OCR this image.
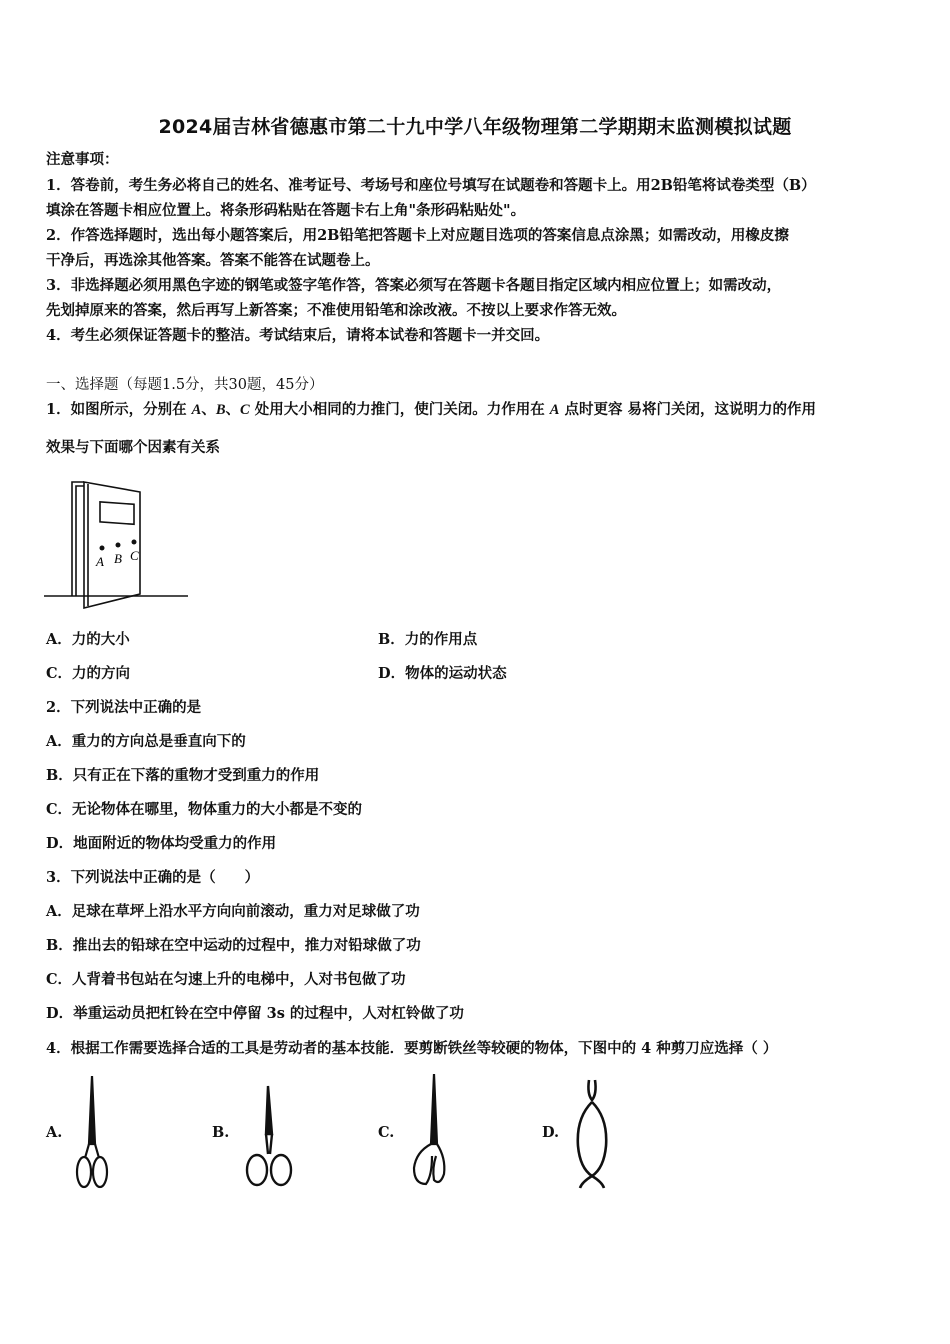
2024届吉林省德惠市第二十九中学八年级物理第二学期期末监测模拟试题
注意事项：
1．答卷前，考生务必将自己的姓名、准考证号、考场号和座位号填写在试题卷和答题卡上。用2B铅笔将试卷类型（B）
填涂在答题卡相应位置上。将条形码粘贴在答题卡右上角"条形码粘贴处"。
2．作答选择题时，选出每小题答案后，用2B铅笔把答题卡上对应题目选项的答案信息点涂黑；如需改动，用橡皮擦
干净后，再选涂其他答案。答案不能答在试题卷上。
3．非选择题必须用黑色字迹的钢笔或签字笔作答，答案必须写在答题卡各题目指定区域内相应位置上；如需改动，
先划掉原来的答案，然后再写上新答案；不准使用铅笔和涂改液。不按以上要求作答无效。
4．考生必须保证答题卡的整洁。考试结束后，请将本试卷和答题卡一并交回。
一、选择题（每题1.5分，共30题，45分）
1．如图所示，分别在 A、B、C 处用大小相同的力推门，使门关闭。力作用在 A 点时更容 易将门关闭，这说明力的作用
效果与下面哪个因素有关系
A B C
A．力的大小	B．力的作用点
C．力的方向	D．物体的运动状态
2．下列说法中正确的是
A．重力的方向总是垂直向下的
B．只有正在下落的重物才受到重力的作用
C．无论物体在哪里，物体重力的大小都是不变的
D．地面附近的物体均受重力的作用
3．下列说法中正确的是（　　）
A．足球在草坪上沿水平方向向前滚动，重力对足球做了功
B．推出去的铅球在空中运动的过程中，推力对铅球做了功
C．人背着书包站在匀速上升的电梯中，人对书包做了功
D．举重运动员把杠铃在空中停留 3s 的过程中，人对杠铃做了功
4．根据工作需要选择合适的工具是劳动者的基本技能．要剪断铁丝等较硬的物体，下图中的 4 种剪刀应选择（ ）
A.	B.	C.	D.
